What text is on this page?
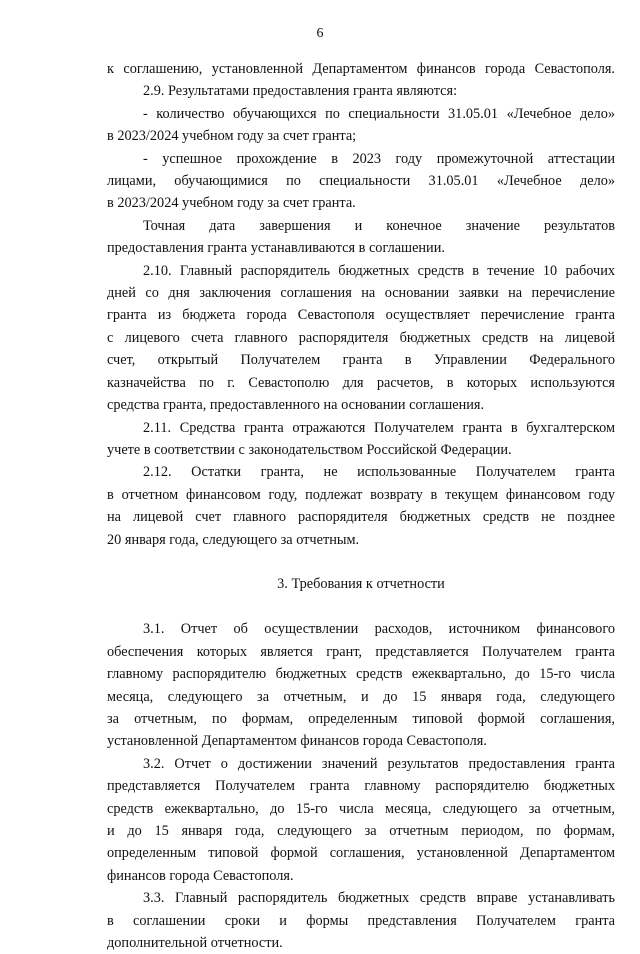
6
к соглашению, установленной Департаментом финансов города Севастополя.
2.9. Результатами предоставления гранта являются:
- количество обучающихся по специальности 31.05.01 «Лечебное дело»
в 2023/2024 учебном году за счет гранта;
- успешное прохождение в 2023 году промежуточной аттестации
лицами, обучающимися по специальности 31.05.01 «Лечебное дело»
в 2023/2024 учебном году за счет гранта.
Точная дата завершения и конечное значение результатов
предоставления гранта устанавливаются в соглашении.
2.10. Главный распорядитель бюджетных средств в течение 10 рабочих
дней со дня заключения соглашения на основании заявки на перечисление
гранта из бюджета города Севастополя осуществляет перечисление гранта
с лицевого счета главного распорядителя бюджетных средств на лицевой
счет, открытый Получателем гранта в Управлении Федерального
казначейства по г. Севастополю для расчетов, в которых используются
средства гранта, предоставленного на основании соглашения.
2.11. Средства гранта отражаются Получателем гранта в бухгалтерском
учете в соответствии с законодательством Российской Федерации.
2.12. Остатки гранта, не использованные Получателем гранта
в отчетном финансовом году, подлежат возврату в текущем финансовом году
на лицевой счет главного распорядителя бюджетных средств не позднее
20 января года, следующего за отчетным.
3. Требования к отчетности
3.1. Отчет об осуществлении расходов, источником финансового
обеспечения которых является грант, представляется Получателем гранта
главному распорядителю бюджетных средств ежеквартально, до 15-го числа
месяца, следующего за отчетным, и до 15 января года, следующего
за отчетным, по формам, определенным типовой формой соглашения,
установленной Департаментом финансов города Севастополя.
3.2. Отчет о достижении значений результатов предоставления гранта
представляется Получателем гранта главному распорядителю бюджетных
средств ежеквартально, до 15-го числа месяца, следующего за отчетным,
и до 15 января года, следующего за отчетным периодом, по формам,
определенным типовой формой соглашения, установленной Департаментом
финансов города Севастополя.
3.3. Главный распорядитель бюджетных средств вправе устанавливать
в соглашении сроки и формы представления Получателем гранта
дополнительной отчетности.
